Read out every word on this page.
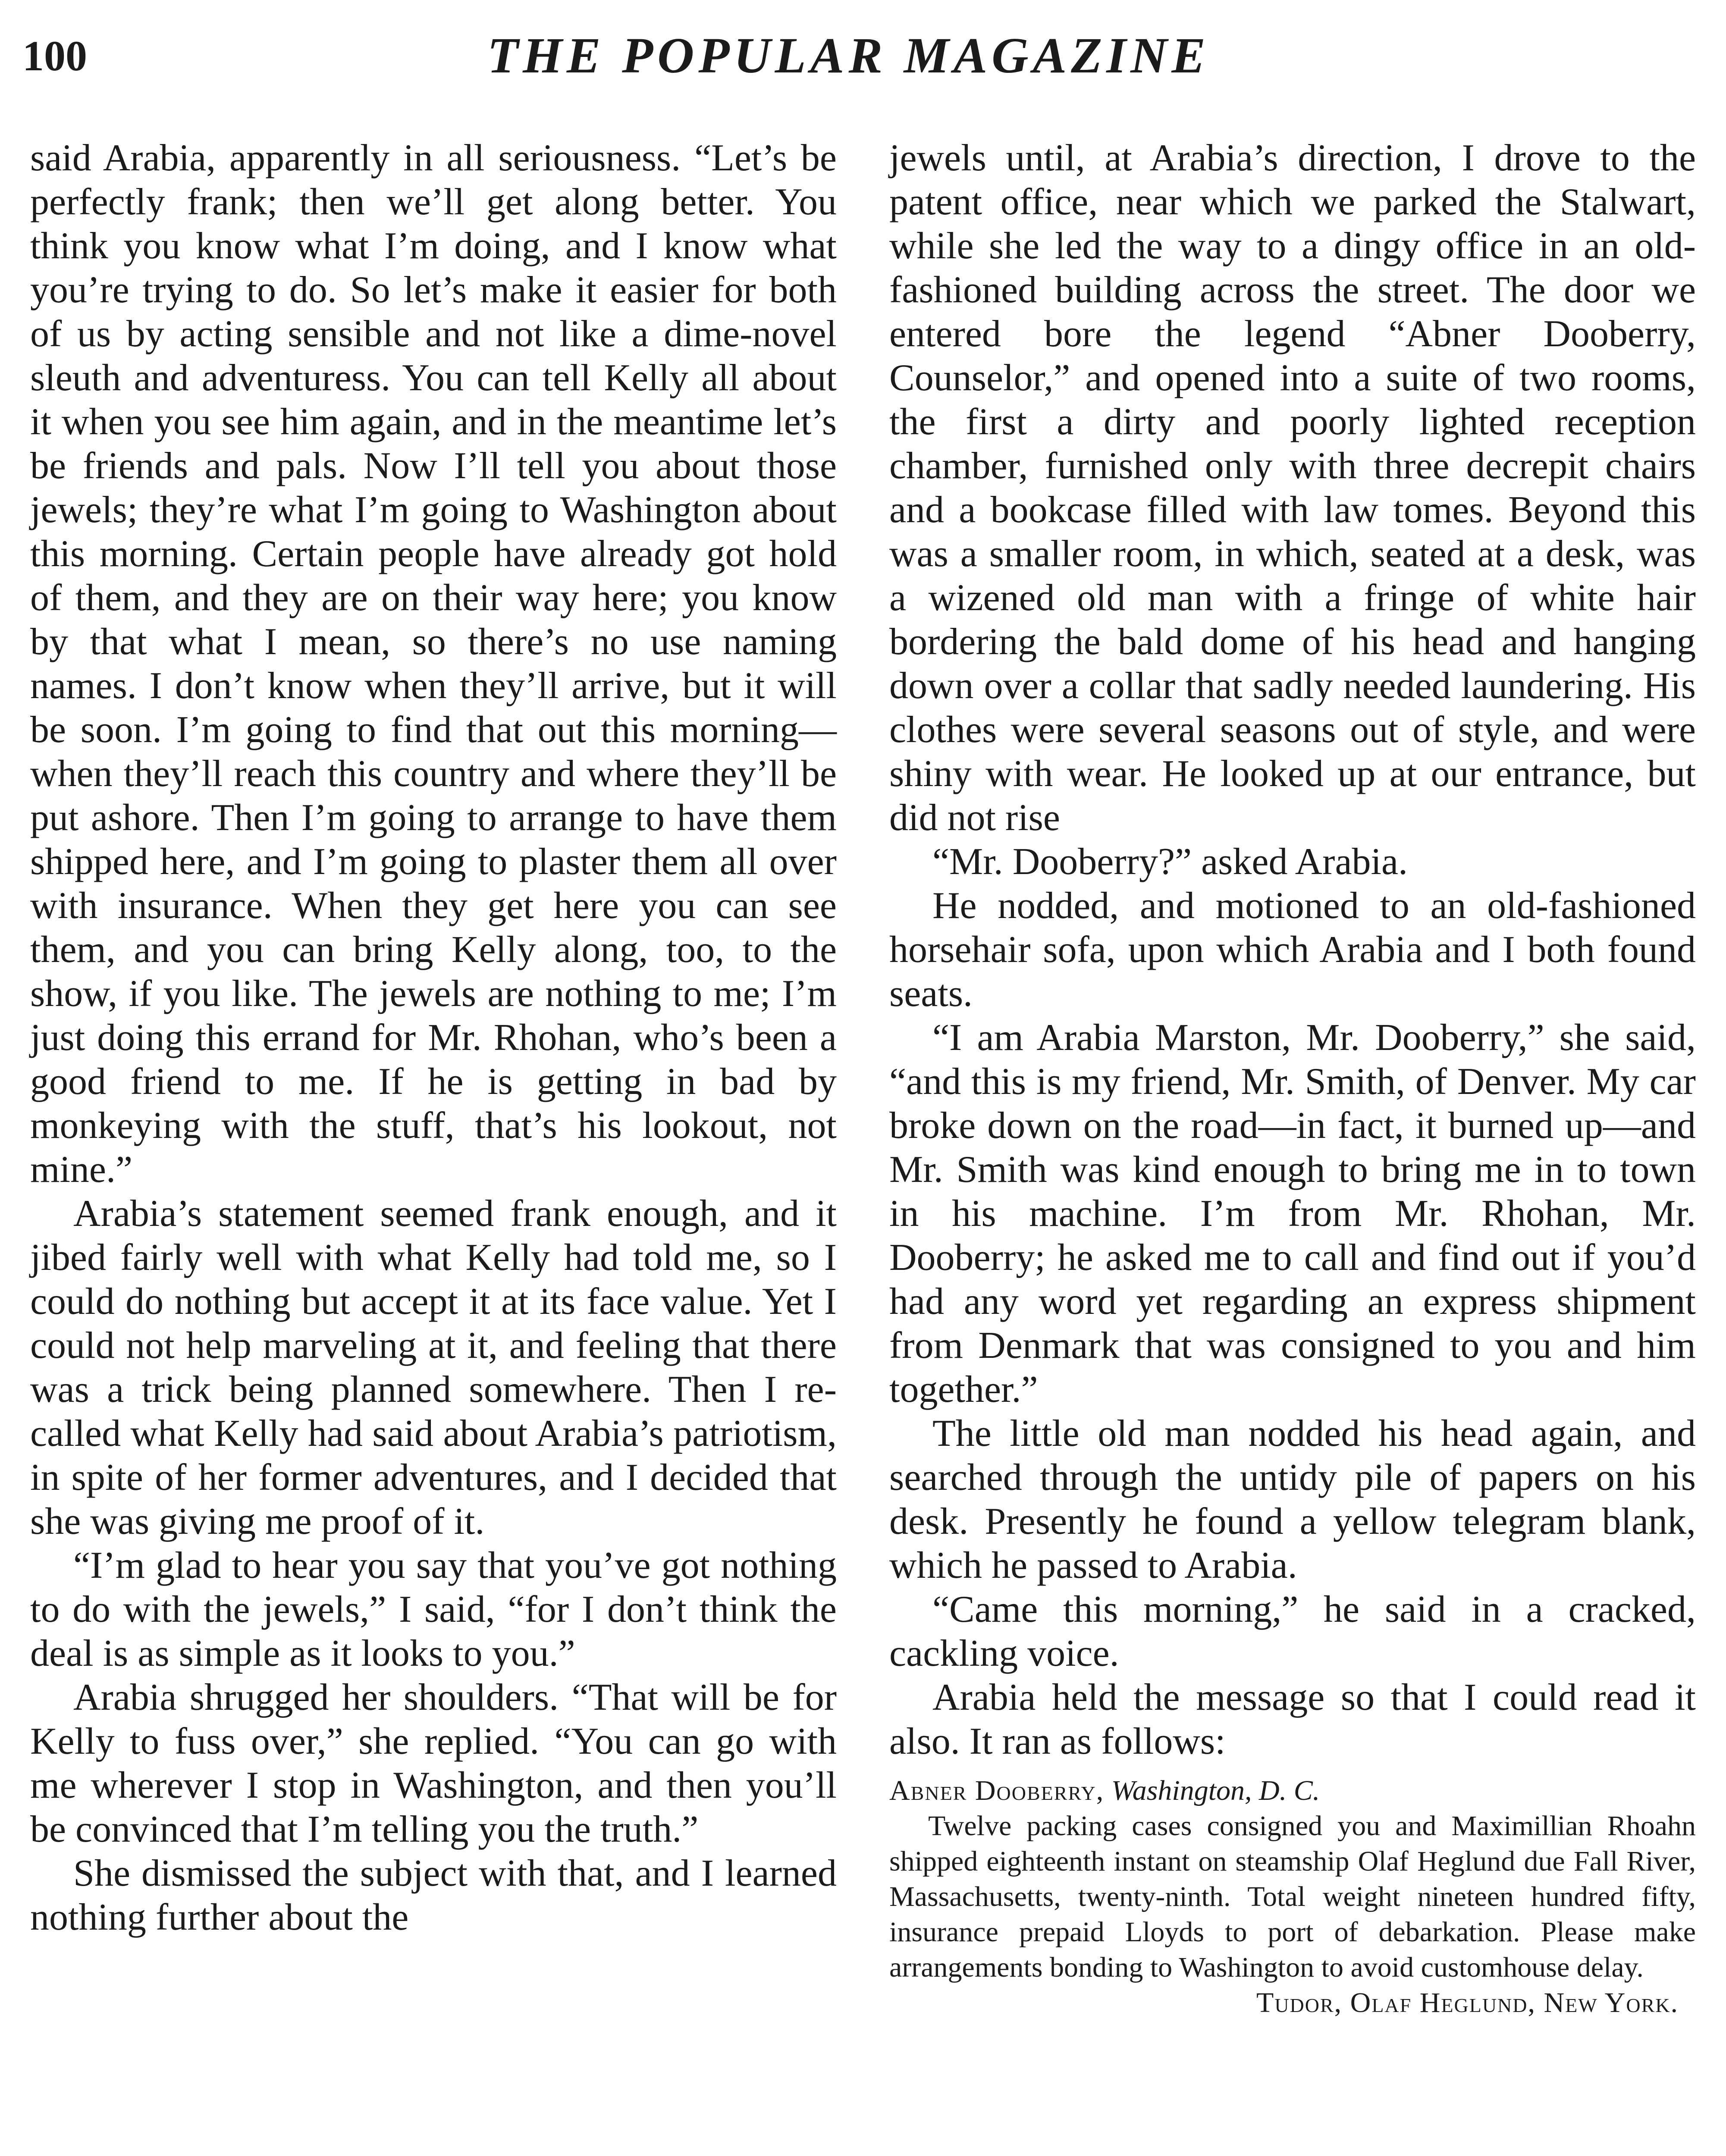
100	THE POPULAR MAGAZINE

said Arabia, apparently in all seriousness. “Let’s be perfectly frank; then we’ll get along better. You think you know what I’m doing, and I know what you’re trying to do. So let’s make it easier for both of us by acting sensible and not like a dime-novel sleuth and adventuress. You can tell Kelly all about it when you see him again, and in the meantime let’s be friends and pals. Now I’ll tell you about those jewels; they’re what I’m going to Washington about this morning. Certain people have already got hold of them, and they are on their way here; you know by that what I mean, so there’s no use naming names. I don’t know when they’ll arrive, but it will be soon. I’m going to find that out this morning—when they’ll reach this country and where they’ll be put ashore. Then I’m going to arrange to have them shipped here, and I’m going to plaster them all over with insurance. When they get here you can see them, and you can bring Kelly along, too, to the show, if you like. The jewels are nothing to me; I’m just doing this errand for Mr. Rhohan, who’s been a good friend to me. If he is getting in bad by monkeying with the stuff, that’s his lookout, not mine.”

Arabia’s statement seemed frank enough, and it jibed fairly well with what Kelly had told me, so I could do nothing but accept it at its face value. Yet I could not help marveling at it, and feeling that there was a trick being planned somewhere. Then I recalled what Kelly had said about Arabia’s patriotism, in spite of her former adventures, and I decided that she was giving me proof of it.

“I’m glad to hear you say that you’ve got nothing to do with the jewels,” I said, “for I don’t think the deal is as simple as it looks to you.”

Arabia shrugged her shoulders. “That will be for Kelly to fuss over,” she replied. “You can go with me wherever I stop in Washington, and then you’ll be convinced that I’m telling you the truth.”

She dismissed the subject with that, and I learned nothing further about the

jewels until, at Arabia’s direction, I drove to the patent office, near which we parked the Stalwart, while she led the way to a dingy office in an old-fashioned building across the street. The door we entered bore the legend “Abner Dooberry, Counselor,” and opened into a suite of two rooms, the first a dirty and poorly lighted reception chamber, furnished only with three decrepit chairs and a bookcase filled with law tomes. Beyond this was a smaller room, in which, seated at a desk, was a wizened old man with a fringe of white hair bordering the bald dome of his head and hanging down over a collar that sadly needed laundering. His clothes were several seasons out of style, and were shiny with wear. He looked up at our entrance, but did not rise

“Mr. Dooberry?” asked Arabia.

He nodded, and motioned to an old-fashioned horsehair sofa, upon which Arabia and I both found seats.

“I am Arabia Marston, Mr. Dooberry,” she said, “and this is my friend, Mr. Smith, of Denver. My car broke down on the road—in fact, it burned up—and Mr. Smith was kind enough to bring me in to town in his machine. I’m from Mr. Rhohan, Mr. Dooberry; he asked me to call and find out if you’d had any word yet regarding an express shipment from Denmark that was consigned to you and him together.”

The little old man nodded his head again, and searched through the untidy pile of papers on his desk. Presently he found a yellow telegram blank, which he passed to Arabia.

“Came this morning,” he said in a cracked, cackling voice.

Arabia held the message so that I could read it also. It ran as follows:

Abner Dooberry, Washington, D. C.

Twelve packing cases consigned you and Maximillian Rhoahn shipped eighteenth instant on steamship Olaf Heglund due Fall River, Massachusetts, twenty-ninth. Total weight nineteen hundred fifty, insurance prepaid Lloyds to port of debarkation. Please make arrangements bonding to Washington to avoid customhouse delay.

Tudor, Olaf Heglund, New York.
